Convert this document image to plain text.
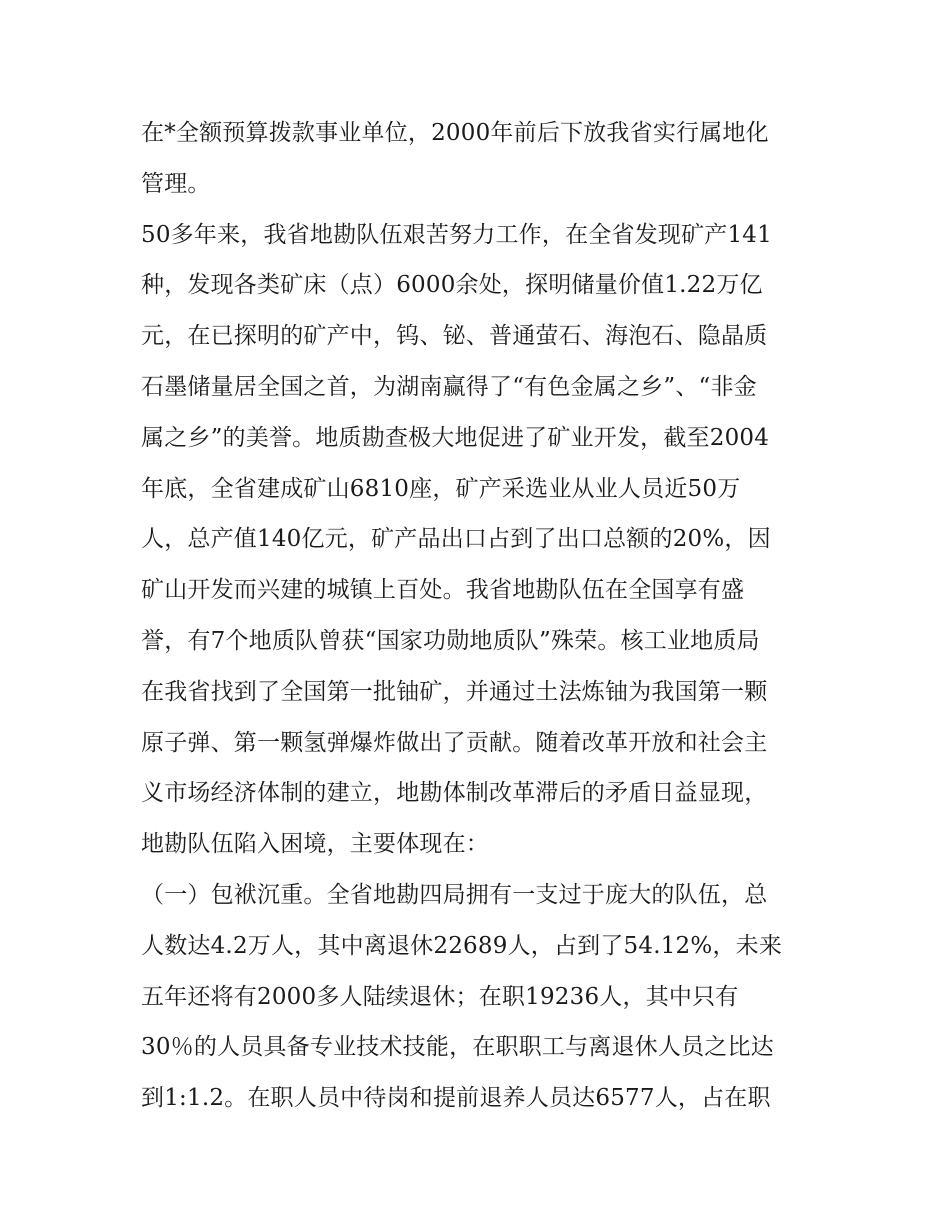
在*全额预算拨款事业单位，2000年前后下放我省实行属地化
管理。
50多年来，我省地勘队伍艰苦努力工作，在全省发现矿产141
种，发现各类矿床（点）6000余处，探明储量价值1.22万亿
元，在已探明的矿产中，钨、铋、普通萤石、海泡石、隐晶质
石墨储量居全国之首，为湖南赢得了“有色金属之乡”、“非金
属之乡”的美誉。地质勘查极大地促进了矿业开发，截至2004
年底，全省建成矿山6810座，矿产采选业从业人员近50万
人，总产值140亿元，矿产品出口占到了出口总额的20%，因
矿山开发而兴建的城镇上百处。我省地勘队伍在全国享有盛
誉，有7个地质队曾获“国家功勋地质队”殊荣。核工业地质局
在我省找到了全国第一批铀矿，并通过土法炼铀为我国第一颗
原子弹、第一颗氢弹爆炸做出了贡献。随着改革开放和社会主
义市场经济体制的建立，地勘体制改革滞后的矛盾日益显现，
地勘队伍陷入困境，主要体现在：
（一）包袱沉重。全省地勘四局拥有一支过于庞大的队伍，总
人数达4.2万人，其中离退休22689人，占到了54.12%，未来
五年还将有2000多人陆续退休；在职19236人，其中只有
30％的人员具备专业技术技能，在职职工与离退休人员之比达
到1:1.2。在职人员中待岗和提前退养人员达6577人，占在职
